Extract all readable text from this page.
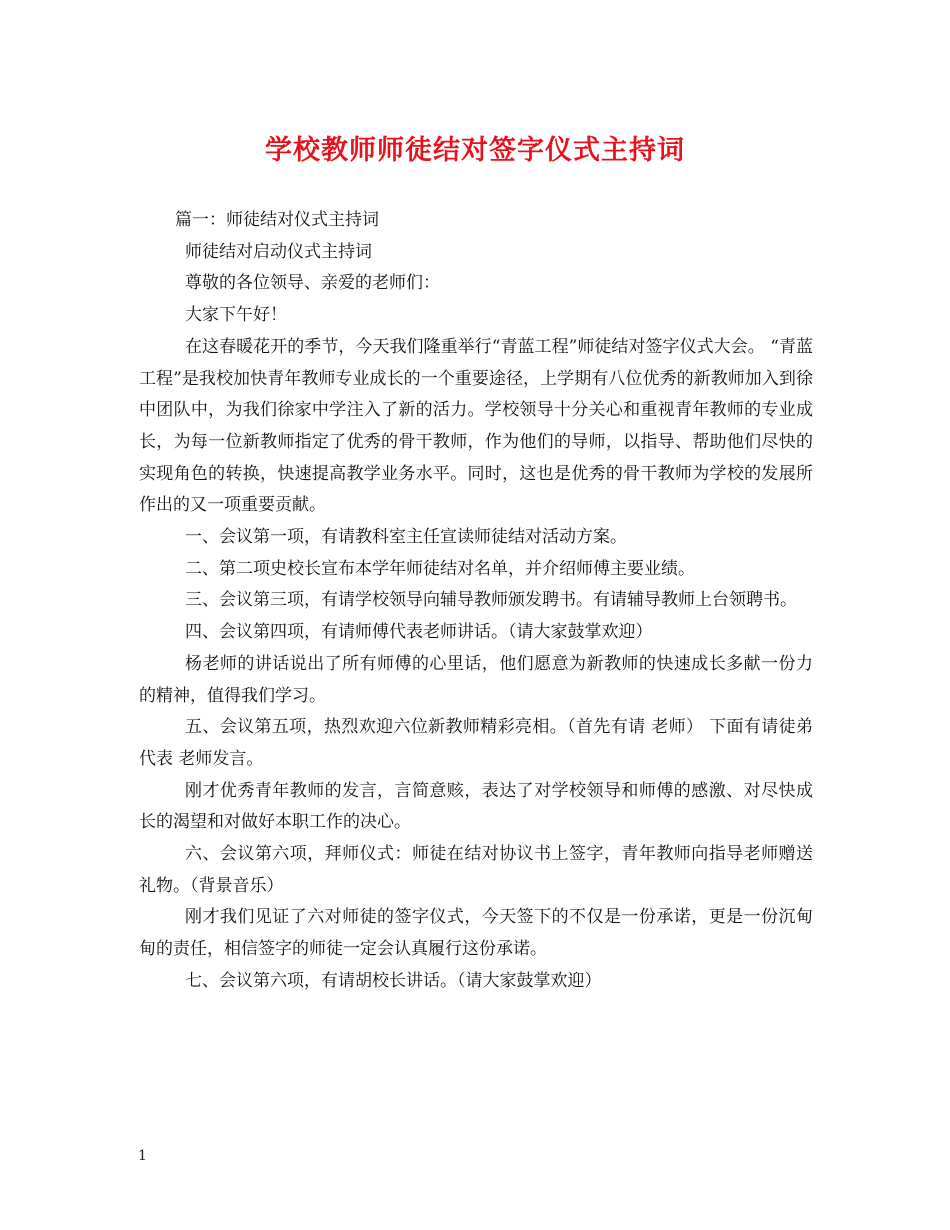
学校教师师徒结对签字仪式主持词

篇一：师徒结对仪式主持词

师徒结对启动仪式主持词

尊敬的各位领导、亲爱的老师们：

大家下午好！

在这春暖花开的季节，今天我们隆重举行“青蓝工程”师徒结对签字仪式大会。 “青蓝工程”是我校加快青年教师专业成长的一个重要途径，上学期有八位优秀的新教师加入到徐中团队中，为我们徐家中学注入了新的活力。学校领导十分关心和重视青年教师的专业成长，为每一位新教师指定了优秀的骨干教师，作为他们的导师，以指导、帮助他们尽快的实现角色的转换，快速提高教学业务水平。同时，这也是优秀的骨干教师为学校的发展所作出的又一项重要贡献。

一、会议第一项，有请教科室主任宣读师徒结对活动方案。

二、第二项史校长宣布本学年师徒结对名单，并介绍师傅主要业绩。

三、会议第三项，有请学校领导向辅导教师颁发聘书。有请辅导教师上台领聘书。

四、会议第四项，有请师傅代表老师讲话。（请大家鼓掌欢迎）

杨老师的讲话说出了所有师傅的心里话，他们愿意为新教师的快速成长多献一份力的精神，值得我们学习。

五、会议第五项，热烈欢迎六位新教师精彩亮相。（首先有请 老师） 下面有请徒弟代表 老师发言。

刚才优秀青年教师的发言，言简意赅，表达了对学校领导和师傅的感激、对尽快成长的渴望和对做好本职工作的决心。

六、会议第六项，拜师仪式：师徒在结对协议书上签字，青年教师向指导老师赠送礼物。（背景音乐）

刚才我们见证了六对师徒的签字仪式，今天签下的不仅是一份承诺，更是一份沉甸甸的责任，相信签字的师徒一定会认真履行这份承诺。

七、会议第六项，有请胡校长讲话。（请大家鼓掌欢迎）

1
